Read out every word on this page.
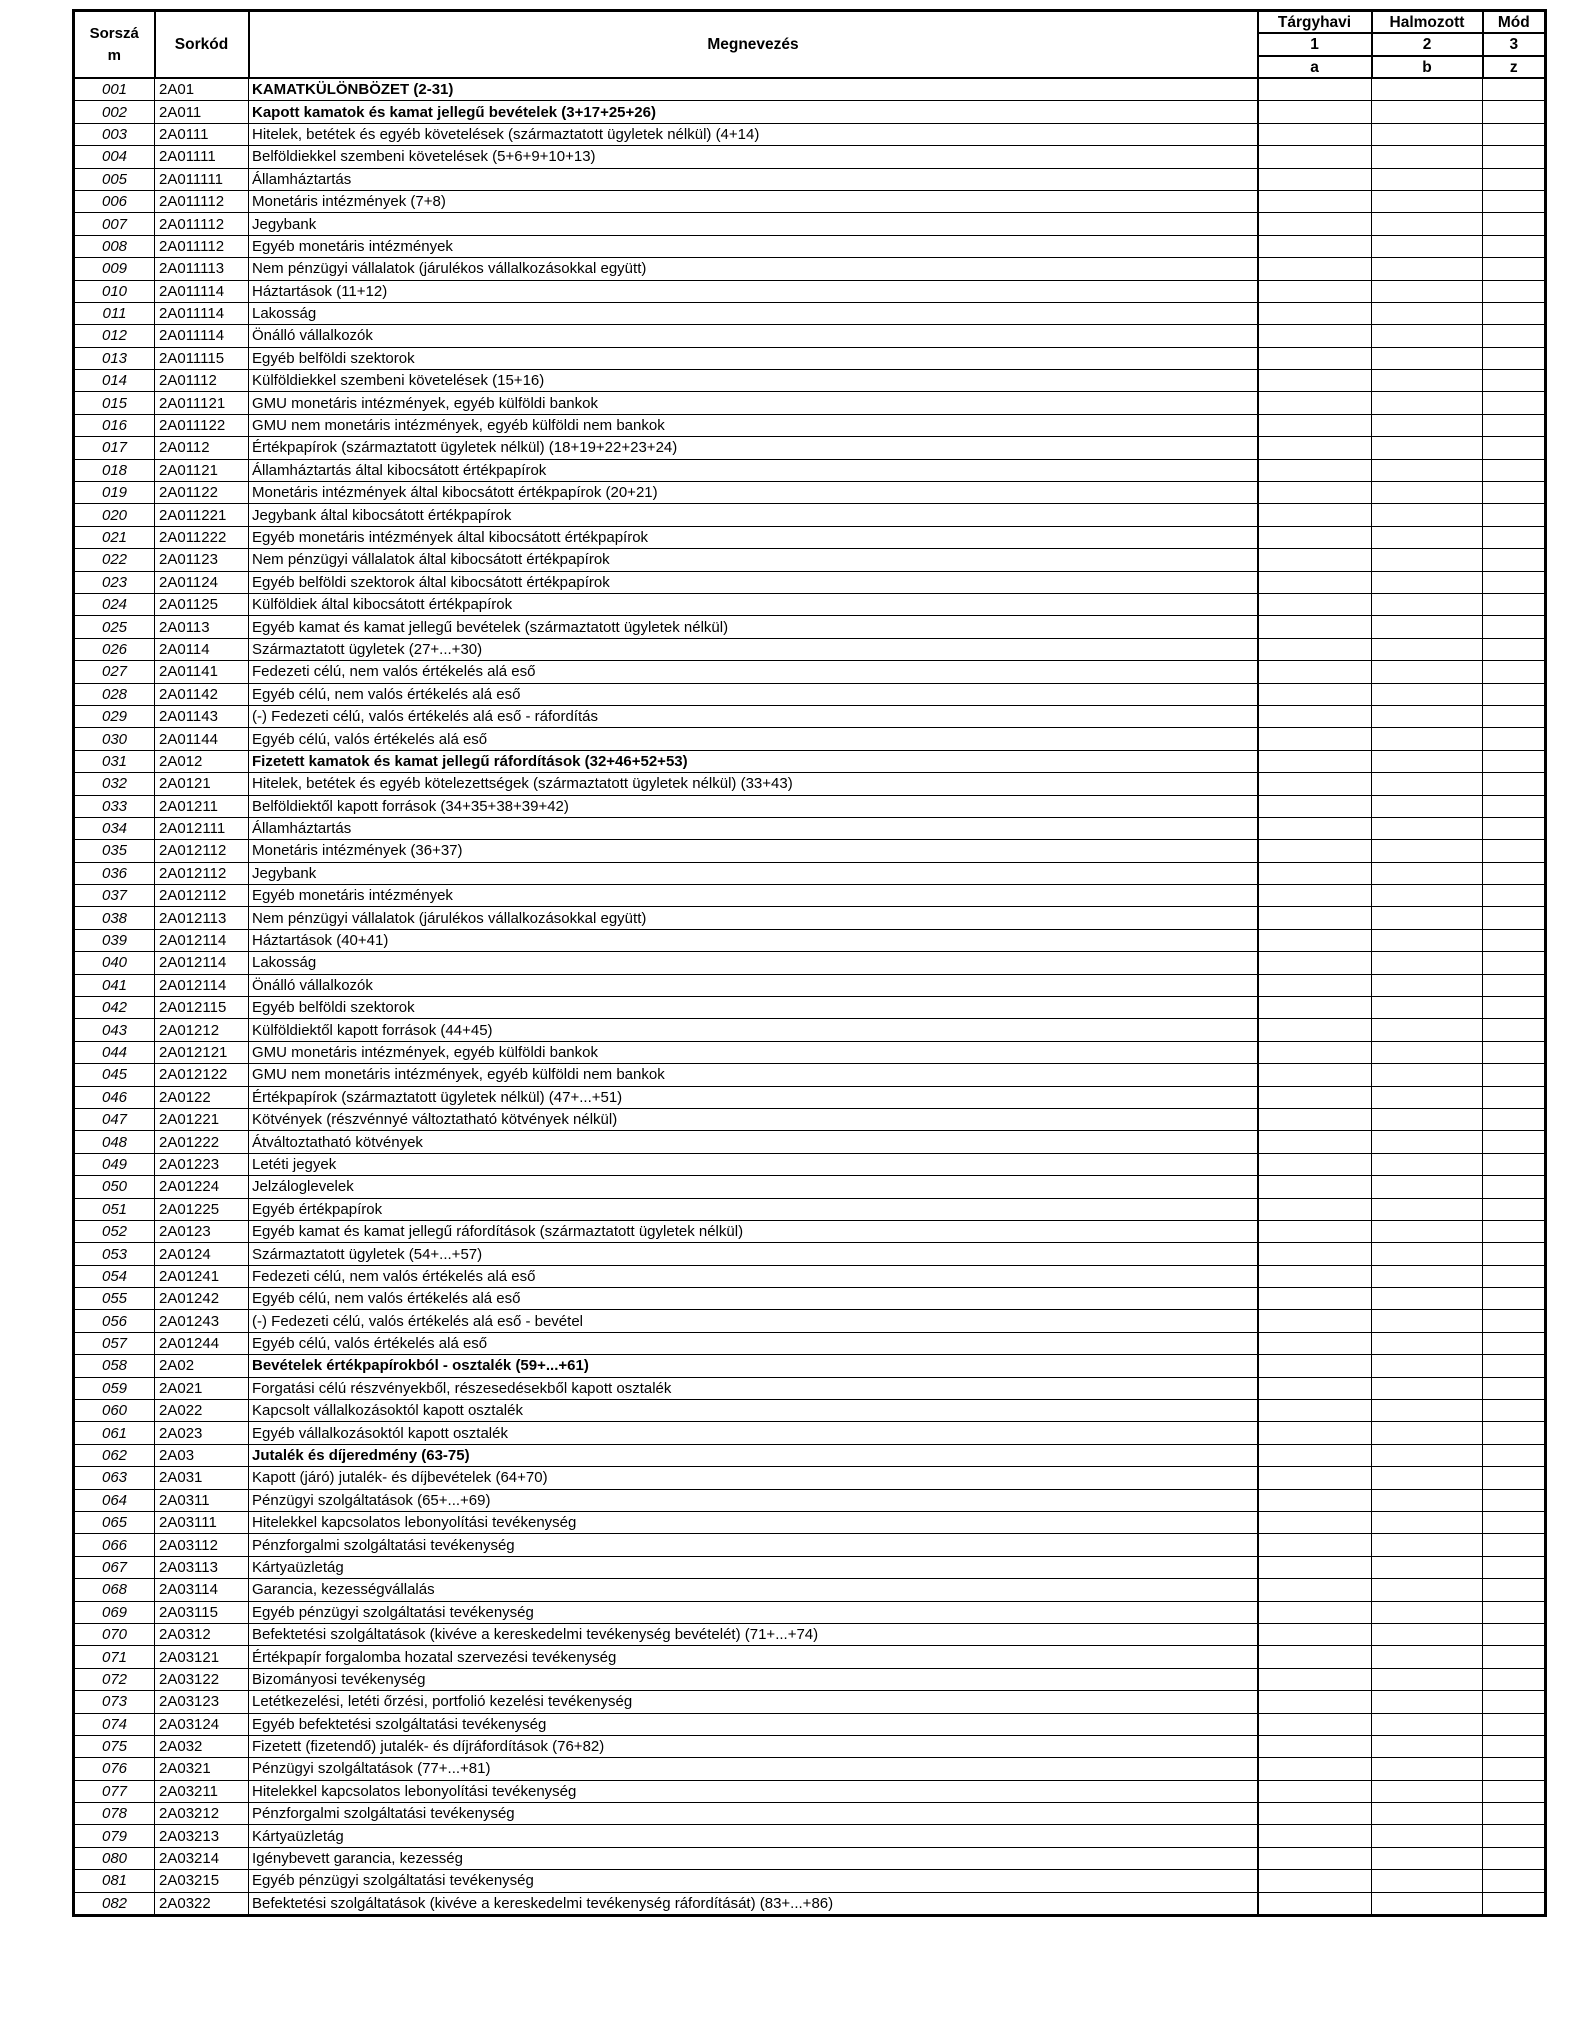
Sorszá
m	Sorkód	Megnevezés	Tárgyhavi	Halmozott	Mód
			1	2	3
			a	b	z
001	2A01	KAMATKÜLÖNBÖZET (2-31)			
002	2A011	Kapott kamatok és kamat jellegű bevételek (3+17+25+26)			
003	2A0111	Hitelek, betétek és egyéb követelések (származtatott ügyletek nélkül) (4+14)			
004	2A01111	Belföldiekkel szembeni követelések (5+6+9+10+13)			
005	2A011111	Államháztartás			
006	2A011112	Monetáris intézmények (7+8)			
007	2A011112	Jegybank			
008	2A011112	Egyéb monetáris intézmények			
009	2A011113	Nem pénzügyi vállalatok (járulékos vállalkozásokkal együtt)			
010	2A011114	Háztartások (11+12)			
011	2A011114	Lakosság			
012	2A011114	Önálló vállalkozók			
013	2A011115	Egyéb belföldi szektorok			
014	2A01112	Külföldiekkel szembeni követelések (15+16)			
015	2A011121	GMU monetáris intézmények, egyéb külföldi bankok			
016	2A011122	GMU nem monetáris intézmények, egyéb külföldi nem bankok			
017	2A0112	Értékpapírok (származtatott ügyletek nélkül) (18+19+22+23+24)			
018	2A01121	Államháztartás által kibocsátott értékpapírok			
019	2A01122	Monetáris intézmények által kibocsátott értékpapírok (20+21)			
020	2A011221	Jegybank által kibocsátott értékpapírok			
021	2A011222	Egyéb monetáris intézmények által kibocsátott értékpapírok			
022	2A01123	Nem pénzügyi vállalatok által kibocsátott értékpapírok			
023	2A01124	Egyéb belföldi szektorok által kibocsátott értékpapírok			
024	2A01125	Külföldiek által kibocsátott értékpapírok			
025	2A0113	Egyéb kamat és kamat jellegű bevételek (származtatott ügyletek nélkül)			
026	2A0114	Származtatott ügyletek (27+...+30)			
027	2A01141	Fedezeti célú, nem valós értékelés alá eső			
028	2A01142	Egyéb célú, nem valós értékelés alá eső			
029	2A01143	(-) Fedezeti célú, valós értékelés alá eső - ráfordítás			
030	2A01144	Egyéb célú, valós értékelés alá eső			
031	2A012	Fizetett kamatok és kamat jellegű ráfordítások (32+46+52+53)			
032	2A0121	Hitelek, betétek és egyéb kötelezettségek (származtatott ügyletek nélkül) (33+43)			
033	2A01211	Belföldiektől kapott források (34+35+38+39+42)			
034	2A012111	Államháztartás			
035	2A012112	Monetáris intézmények (36+37)			
036	2A012112	Jegybank			
037	2A012112	Egyéb monetáris intézmények			
038	2A012113	Nem pénzügyi vállalatok (járulékos vállalkozásokkal együtt)			
039	2A012114	Háztartások (40+41)			
040	2A012114	Lakosság			
041	2A012114	Önálló vállalkozók			
042	2A012115	Egyéb belföldi szektorok			
043	2A01212	Külföldiektől kapott források (44+45)			
044	2A012121	GMU monetáris intézmények, egyéb külföldi bankok			
045	2A012122	GMU nem monetáris intézmények, egyéb külföldi nem bankok			
046	2A0122	Értékpapírok (származtatott ügyletek nélkül) (47+...+51)			
047	2A01221	Kötvények (részvénnyé változtatható kötvények nélkül)			
048	2A01222	Átváltoztatható kötvények			
049	2A01223	Letéti jegyek			
050	2A01224	Jelzáloglevelek			
051	2A01225	Egyéb értékpapírok			
052	2A0123	Egyéb kamat és kamat jellegű ráfordítások (származtatott ügyletek nélkül)			
053	2A0124	Származtatott ügyletek (54+...+57)			
054	2A01241	Fedezeti célú, nem valós értékelés alá eső			
055	2A01242	Egyéb célú, nem valós értékelés alá eső			
056	2A01243	(-) Fedezeti célú, valós értékelés alá eső - bevétel			
057	2A01244	Egyéb célú, valós értékelés alá eső			
058	2A02	Bevételek értékpapírokból - osztalék (59+...+61)			
059	2A021	Forgatási célú részvényekből, részesedésekből kapott osztalék			
060	2A022	Kapcsolt vállalkozásoktól kapott osztalék			
061	2A023	Egyéb vállalkozásoktól kapott osztalék			
062	2A03	Jutalék és díjeredmény (63-75)			
063	2A031	Kapott (járó) jutalék- és díjbevételek (64+70)			
064	2A0311	Pénzügyi szolgáltatások (65+...+69)			
065	2A03111	Hitelekkel kapcsolatos lebonyolítási tevékenység			
066	2A03112	Pénzforgalmi szolgáltatási tevékenység			
067	2A03113	Kártyaüzletág			
068	2A03114	Garancia, kezességvállalás			
069	2A03115	Egyéb pénzügyi szolgáltatási tevékenység			
070	2A0312	Befektetési szolgáltatások (kivéve a kereskedelmi tevékenység bevételét) (71+...+74)			
071	2A03121	Értékpapír forgalomba hozatal szervezési tevékenység			
072	2A03122	Bizományosi tevékenység			
073	2A03123	Letétkezelési, letéti őrzési, portfolió kezelési tevékenység			
074	2A03124	Egyéb befektetési szolgáltatási tevékenység			
075	2A032	Fizetett (fizetendő) jutalék- és díjráfordítások (76+82)			
076	2A0321	Pénzügyi szolgáltatások (77+...+81)			
077	2A03211	Hitelekkel kapcsolatos lebonyolítási tevékenység			
078	2A03212	Pénzforgalmi szolgáltatási tevékenység			
079	2A03213	Kártyaüzletág			
080	2A03214	Igénybevett garancia, kezesség			
081	2A03215	Egyéb pénzügyi szolgáltatási tevékenység			
082	2A0322	Befektetési szolgáltatások (kivéve a kereskedelmi tevékenység ráfordítását) (83+...+86)			
